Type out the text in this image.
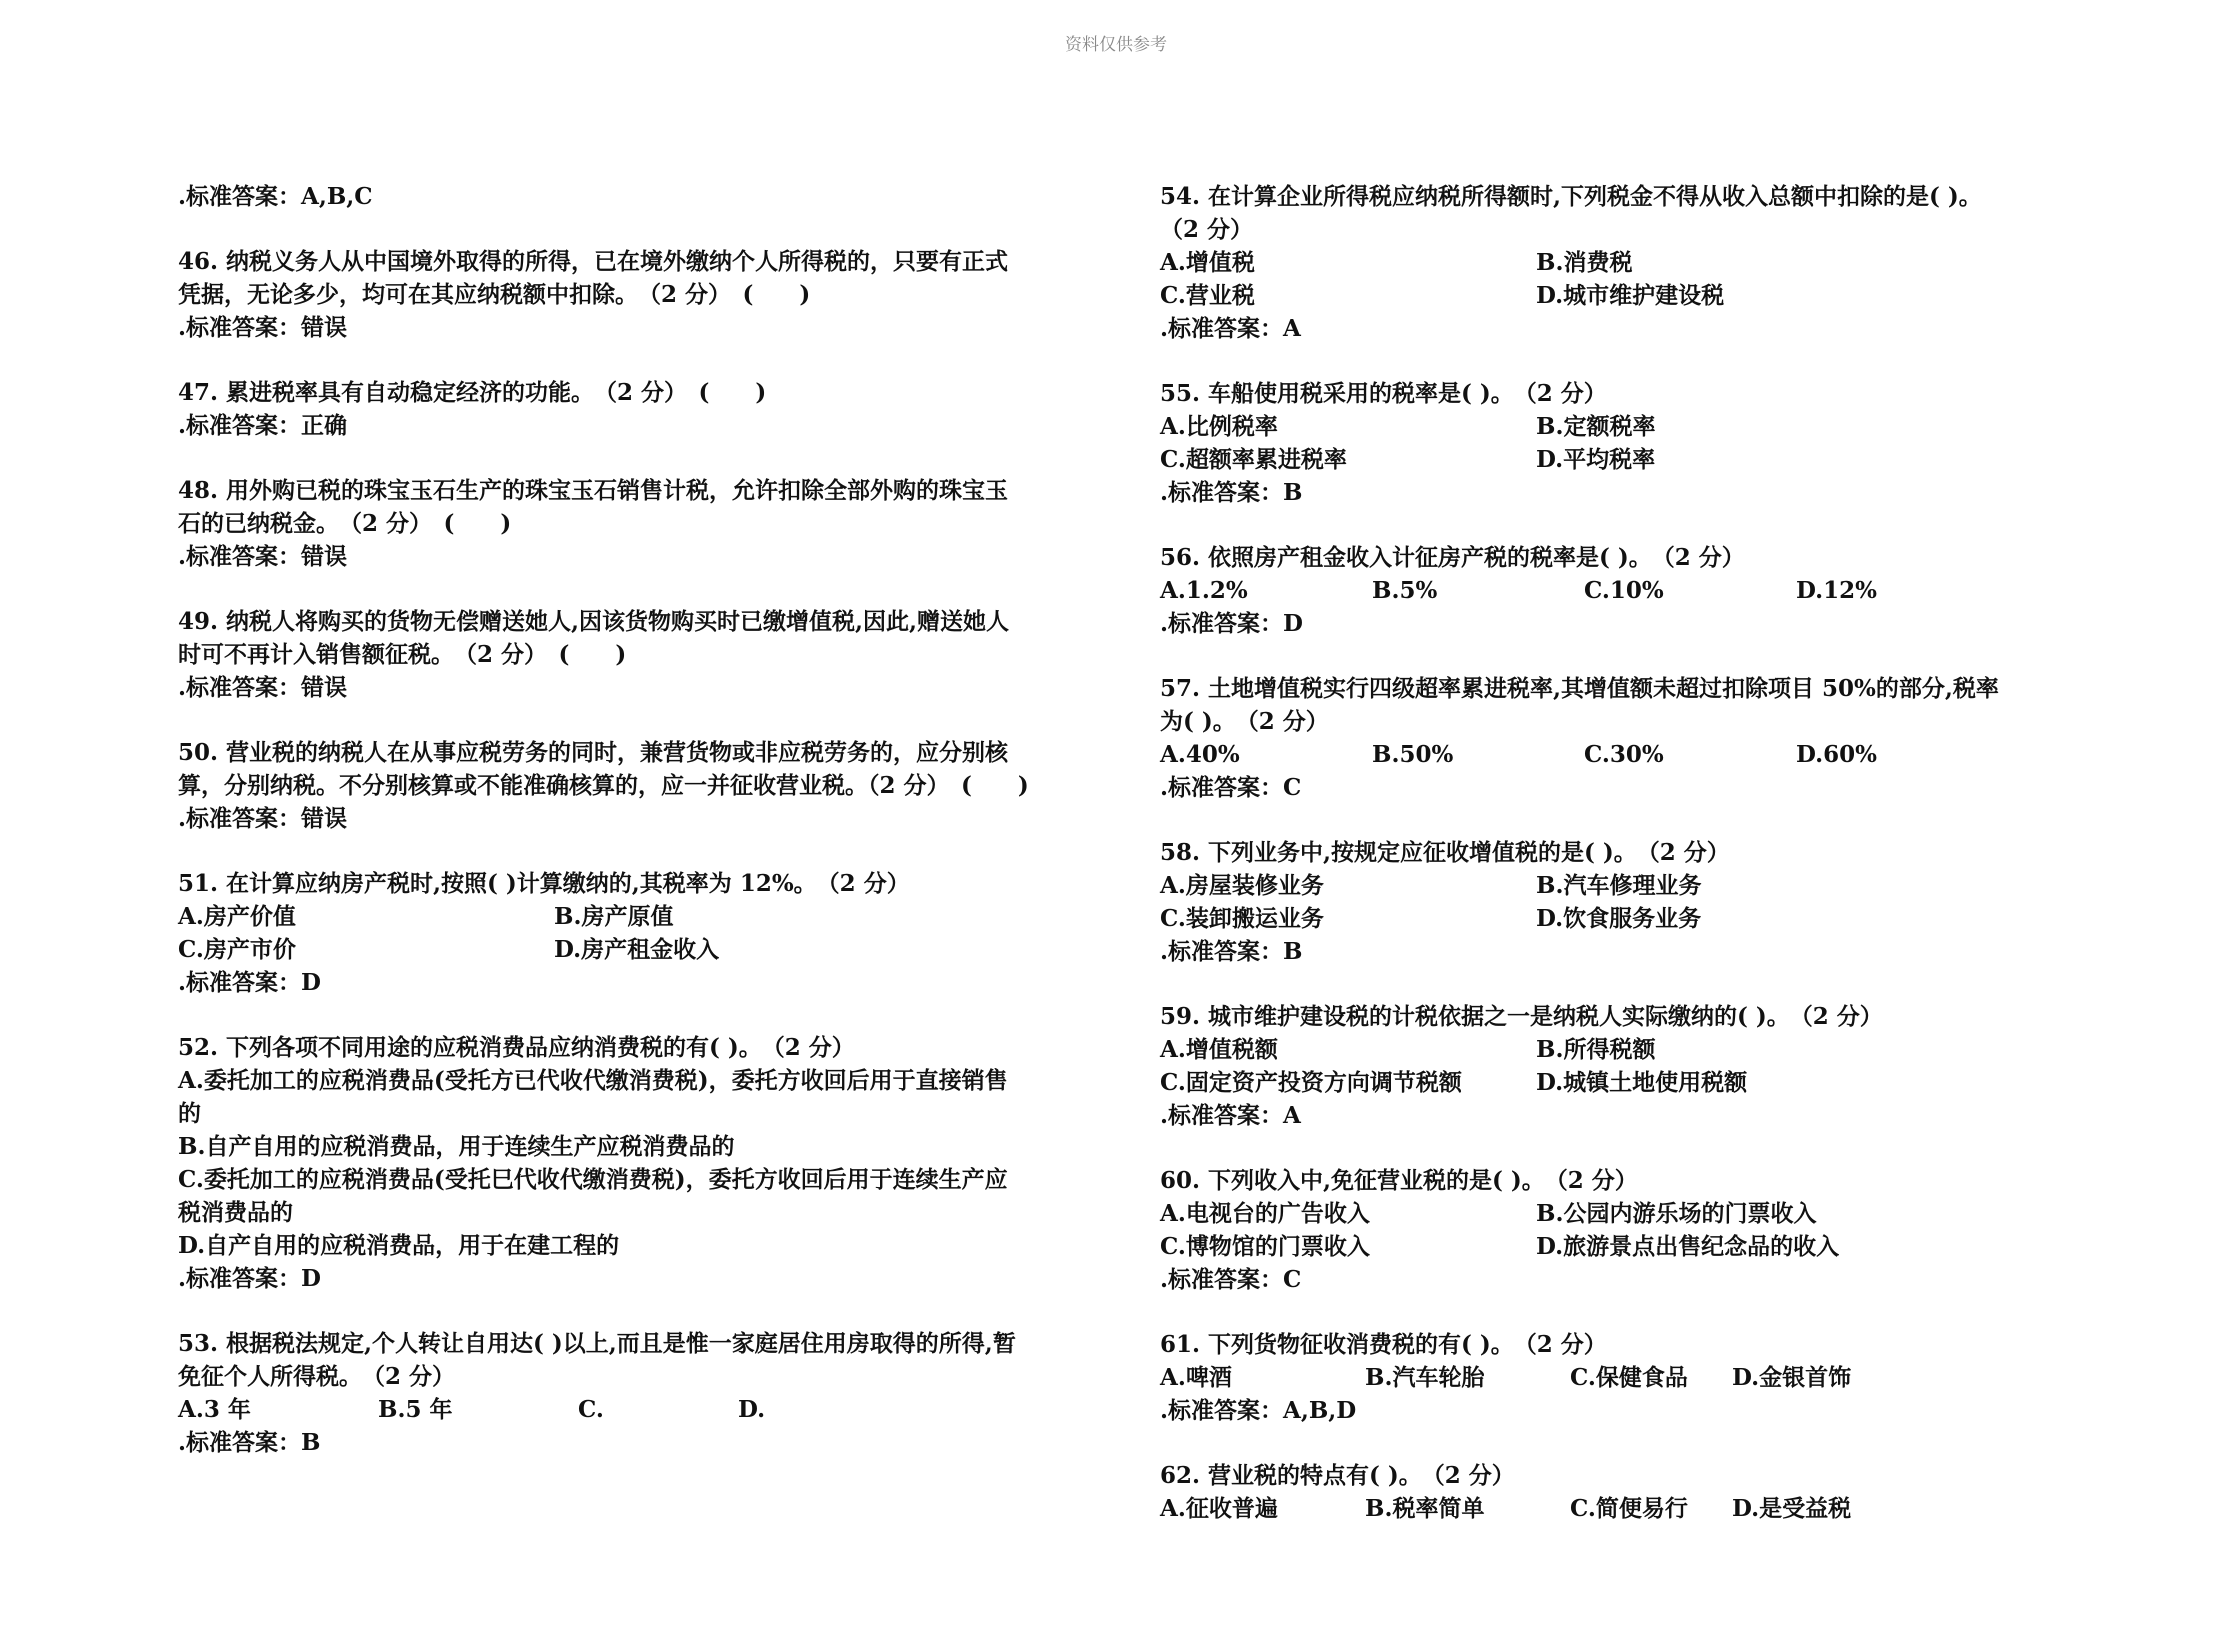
资料仅供参考
.标准答案：A,B,C
46. 纳税义务人从中国境外取得的所得，已在境外缴纳个人所得税的，只要有正式
凭据，无论多少，均可在其应纳税额中扣除。　（2 分）　(　　)
.标准答案：错误
47. 累进税率具有自动稳定经济的功能。　（2 分）　(　　)
.标准答案：正确
48. 用外购已税的珠宝玉石生产的珠宝玉石销售计税，允许扣除全部外购的珠宝玉
石的已纳税金。　（2 分）　(　　)
.标准答案：错误
49. 纳税人将购买的货物无偿赠送她人,因该货物购买时已缴增值税,因此,赠送她人
时可不再计入销售额征税。　（2 分）　(　　)
.标准答案：错误
50. 营业税的纳税人在从事应税劳务的同时，兼营货物或非应税劳务的，应分别核
算，分别纳税。不分别核算或不能准确核算的，应一并征收营业税。（2 分）　(　　)
.标准答案：错误
51. 在计算应纳房产税时,按照( )计算缴纳的,其税率为 12%。　（2 分）
A.房产价值	B.房产原值
C.房产市价	D.房产租金收入
.标准答案：D
52. 下列各项不同用途的应税消费品应纳消费税的有( )。　（2 分）
A.委托加工的应税消费品(受托方已代收代缴消费税)，委托方收回后用于直接销售
的
B.自产自用的应税消费品，用于连续生产应税消费品的
C.委托加工的应税消费品(受托巳代收代缴消费税)，委托方收回后用于连续生产应
税消费品的
D.自产自用的应税消费品，用于在建工程的
.标准答案：D
53. 根据税法规定,个人转让自用达( )以上,而且是惟一家庭居住用房取得的所得,暂
免征个人所得税。　（2 分）
A.3 年	B.5 年	C.	D.
.标准答案：B
54. 在计算企业所得税应纳税所得额时,下列税金不得从收入总额中扣除的是( )。
（2 分）
A.增值税	B.消费税
C.营业税	D.城市维护建设税
.标准答案：A
55. 车船使用税采用的税率是( )。　（2 分）
A.比例税率	B.定额税率
C.超额率累进税率	D.平均税率
.标准答案：B
56. 依照房产租金收入计征房产税的税率是( )。　（2 分）
A.1.2%	B.5%	C.10%	D.12%
.标准答案：D
57. 土地增值税实行四级超率累进税率,其增值额未超过扣除项目 50%的部分,税率
为( )。　（2 分）
A.40%	B.50%	C.30%	D.60%
.标准答案：C
58. 下列业务中,按规定应征收增值税的是( )。　（2 分）
A.房屋装修业务	B.汽车修理业务
C.装卸搬运业务	D.饮食服务业务
.标准答案：B
59. 城市维护建设税的计税依据之一是纳税人实际缴纳的( )。　（2 分）
A.增值税额	B.所得税额
C.固定资产投资方向调节税额	D.城镇土地使用税额
.标准答案：A
60. 下列收入中,免征营业税的是( )。　（2 分）
A.电视台的广告收入	B.公园内游乐场的门票收入
C.博物馆的门票收入	D.旅游景点出售纪念品的收入
.标准答案：C
61. 下列货物征收消费税的有( )。　（2 分）
A.啤酒	B.汽车轮胎	C.保健食品	D.金银首饰
.标准答案：A,B,D
62. 营业税的特点有( )。　（2 分）
A.征收普遍	B.税率简单	C.简便易行	D.是受益税
